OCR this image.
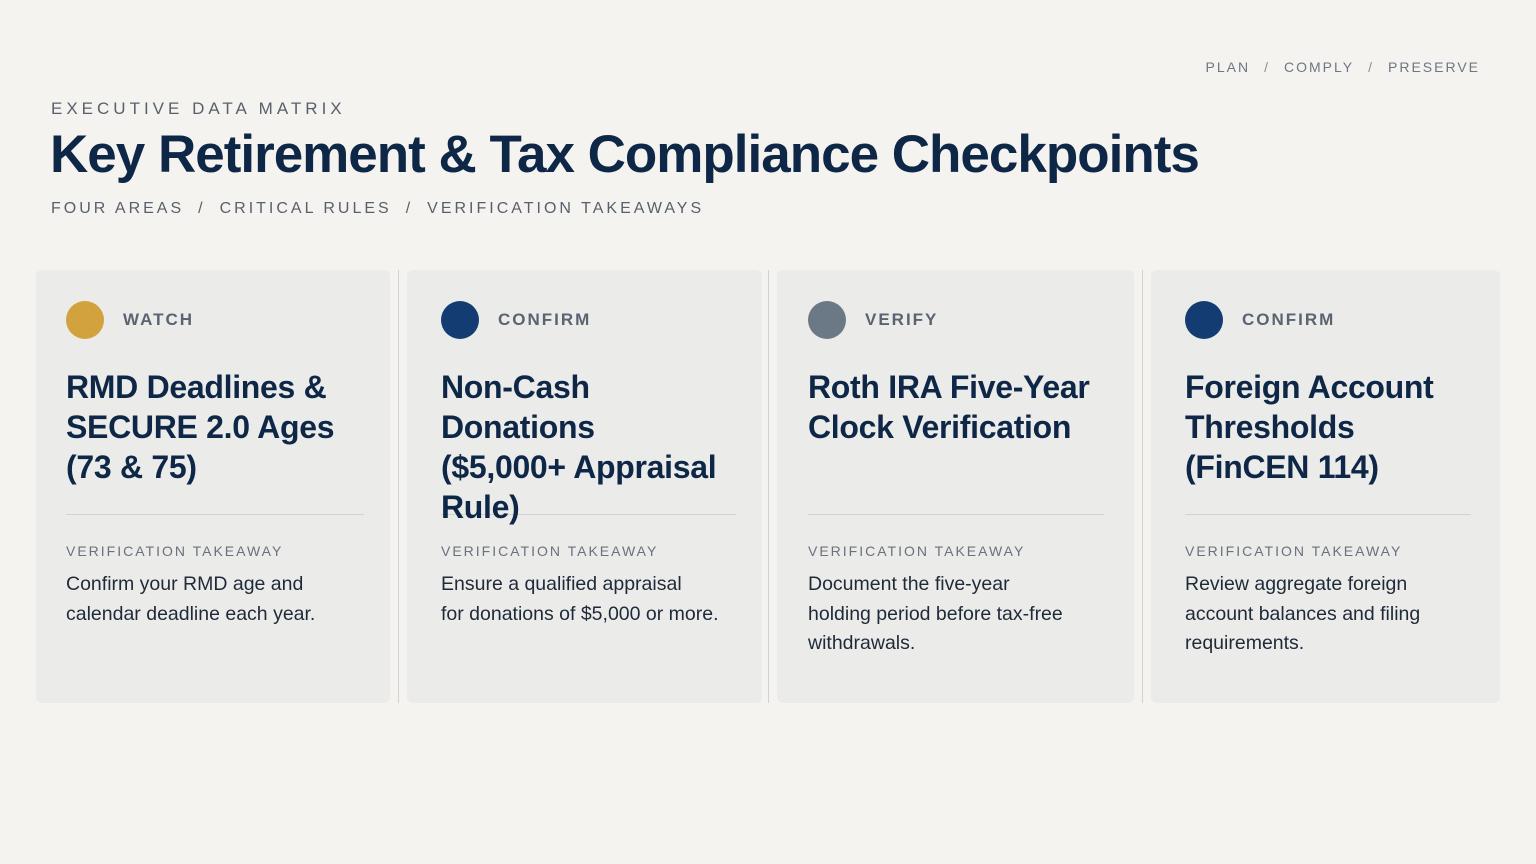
PLAN / COMPLY / PRESERVE
EXECUTIVE DATA MATRIX
Key Retirement & Tax Compliance Checkpoints
FOUR AREAS / CRITICAL RULES / VERIFICATION TAKEAWAYS
WATCH
RMD Deadlines &
SECURE 2.0 Ages
(73 & 75)
VERIFICATION TAKEAWAY
Confirm your RMD age and
calendar deadline each year.
CONFIRM
Non-Cash Donations
($5,000+ Appraisal
Rule)
VERIFICATION TAKEAWAY
Ensure a qualified appraisal
for donations of $5,000 or more.
VERIFY
Roth IRA Five-Year
Clock Verification
VERIFICATION TAKEAWAY
Document the five-year
holding period before tax-free
withdrawals.
CONFIRM
Foreign Account
Thresholds
(FinCEN 114)
VERIFICATION TAKEAWAY
Review aggregate foreign
account balances and filing
requirements.
